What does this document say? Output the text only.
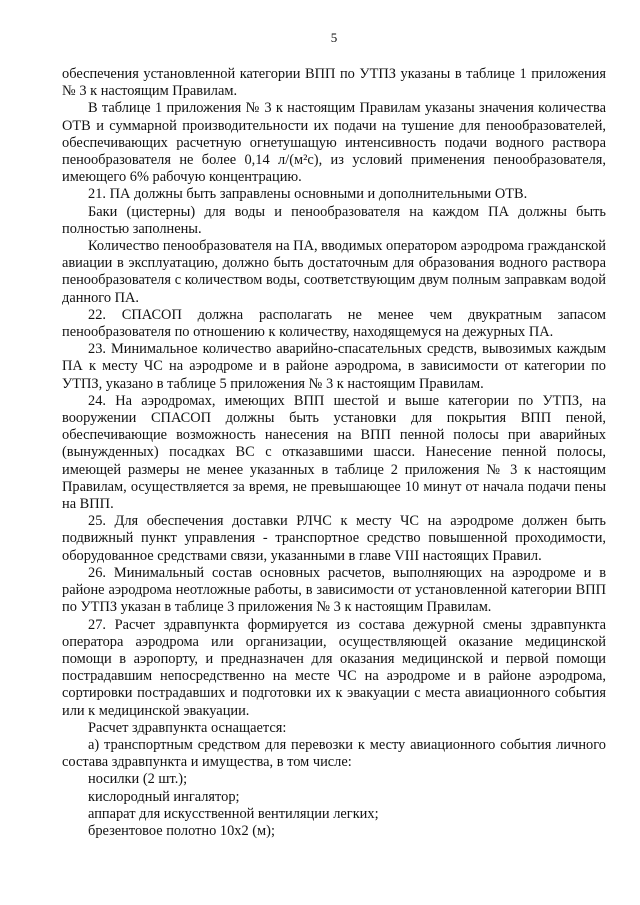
5

обеспечения установленной категории ВПП по УТПЗ указаны в таблице 1 приложения № 3 к настоящим Правилам.

В таблице 1 приложения № 3 к настоящим Правилам указаны значения количества ОТВ и суммарной производительности их подачи на тушение для пенообразователей, обеспечивающих расчетную огнетушащую интенсивность подачи водного раствора пенообразователя не более 0,14 л/(м²с), из условий применения пенообразователя, имеющего 6% рабочую концентрацию.

21. ПА должны быть заправлены основными и дополнительными ОТВ.

Баки (цистерны) для воды и пенообразователя на каждом ПА должны быть полностью заполнены.

Количество пенообразователя на ПА, вводимых оператором аэродрома гражданской авиации в эксплуатацию, должно быть достаточным для образования водного раствора пенообразователя с количеством воды, соответствующим двум полным заправкам водой данного ПА.

22. СПАСОП должна располагать не менее чем двукратным запасом пенообразователя по отношению к количеству, находящемуся на дежурных ПА.

23. Минимальное количество аварийно-спасательных средств, вывозимых каждым ПА к месту ЧС на аэродроме и в районе аэродрома, в зависимости от категории по УТПЗ, указано в таблице 5 приложения № 3 к настоящим Правилам.

24. На аэродромах, имеющих ВПП шестой и выше категории по УТПЗ, на вооружении СПАСОП должны быть установки для покрытия ВПП пеной, обеспечивающие возможность нанесения на ВПП пенной полосы при аварийных (вынужденных) посадках ВС с отказавшими шасси. Нанесение пенной полосы, имеющей размеры не менее указанных в таблице 2 приложения № 3 к настоящим Правилам, осуществляется за время, не превышающее 10 минут от начала подачи пены на ВПП.

25. Для обеспечения доставки РЛЧС к месту ЧС на аэродроме должен быть подвижный пункт управления - транспортное средство повышенной проходимости, оборудованное средствами связи, указанными в главе VIII настоящих Правил.

26. Минимальный состав основных расчетов, выполняющих на аэродроме и в районе аэродрома неотложные работы, в зависимости от установленной категории ВПП по УТПЗ указан в таблице 3 приложения № 3 к настоящим Правилам.

27. Расчет здравпункта формируется из состава дежурной смены здравпункта оператора аэродрома или организации, осуществляющей оказание медицинской помощи в аэропорту, и предназначен для оказания медицинской и первой помощи пострадавшим непосредственно на месте ЧС на аэродроме и в районе аэродрома, сортировки пострадавших и подготовки их к эвакуации с места авиационного события или к медицинской эвакуации.

Расчет здравпункта оснащается:

а) транспортным средством для перевозки к месту авиационного события личного состава здравпункта и имущества, в том числе:

носилки (2 шт.);

кислородный ингалятор;

аппарат для искусственной вентиляции легких;

брезентовое полотно 10х2 (м);
